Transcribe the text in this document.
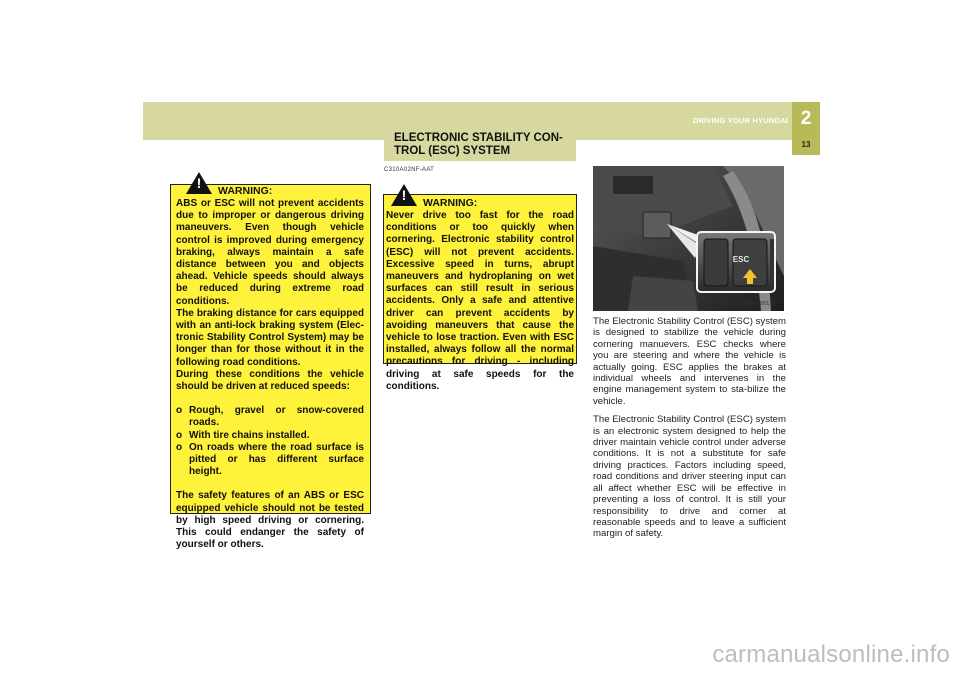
2
13
DRIVING YOUR HYUNDAI
ELECTRONIC STABILITY CON-TROL (ESC) SYSTEM
C310A02NF-AAT
!	WARNING:

ABS or ESC will not prevent accidents due to improper or dangerous driving maneuvers. Even though vehicle control is improved during emergency braking, always maintain a safe distance between you and objects ahead. Vehicle speeds should always be reduced during extreme road conditions.

The braking distance for cars equipped with an anti-lock braking system (Elec-tronic Stability Control System) may be longer than for those without it in the following road conditions.

During these conditions the vehicle should be driven at reduced speeds:

o Rough, gravel or snow-covered roads.
o With tire chains installed.
o On roads where the road surface is pitted or has different surface height.

The safety features of an ABS or ESC equipped vehicle should not be tested by high speed driving or cornering. This could endanger the safety of yourself or others.

!	WARNING:
Never drive too fast for the road conditions or too quickly when cornering. Electronic stability control (ESC) will not prevent accidents. Excessive speed in turns, abrupt maneuvers and hydroplaning on wet surfaces can still result in serious accidents. Only a safe and attentive driver can prevent accidents by avoiding maneuvers that cause the vehicle to lose traction. Even with ESC installed, always follow all the normal precautions for driving - including driving at safe speeds for the conditions.
ESC
ONF058011N

The Electronic Stability Control (ESC) system is designed to stabilize the vehicle during cornering manuevers. ESC checks where you are steering and where the vehicle is actually going. ESC applies the brakes at individual wheels and intervenes in the engine management system to sta-bilize the vehicle.

The Electronic Stability Control (ESC) system is an electronic system designed to help the driver maintain vehicle control under adverse conditions. It is not a substitute for safe driving practices. Factors including speed, road conditions and driver steering input can all affect whether ESC will be effective in preventing a loss of control. It is still your responsibility to drive and corner at reasonable speeds and to leave a sufficient margin of safety.

carmanualsonline.info
